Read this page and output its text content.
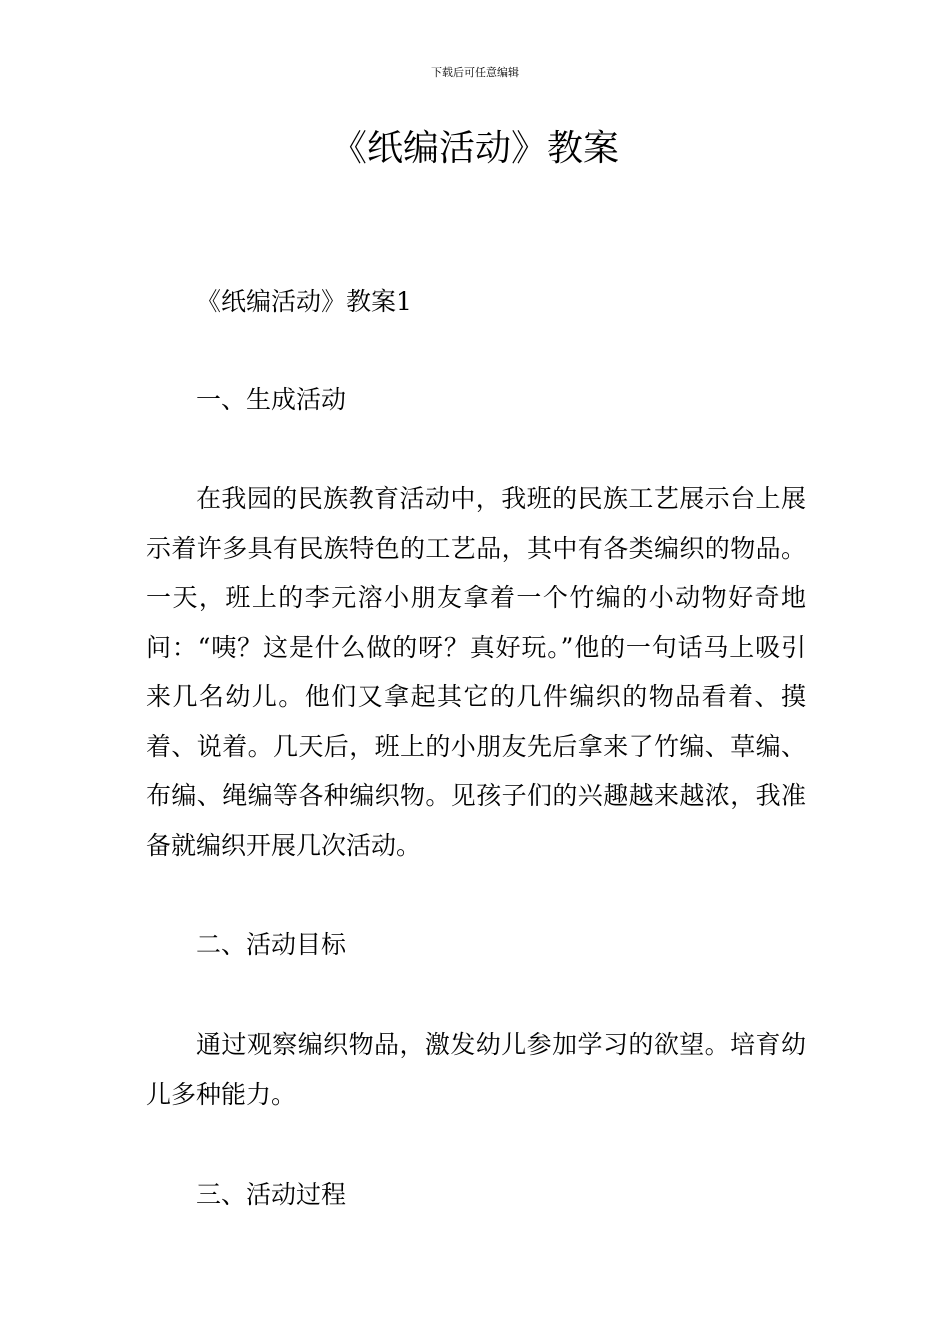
下载后可任意编辑
《纸编活动》教案

《纸编活动》教案1

一、生成活动

在我园的民族教育活动中，我班的民族工艺展示台上展示着许多具有民族特色的工艺品，其中有各类编织的物品。一天，班上的李元溶小朋友拿着一个竹编的小动物好奇地问：“咦？这是什么做的呀？真好玩。”他的一句话马上吸引来几名幼儿。他们又拿起其它的几件编织的物品看着、摸着、说着。几天后，班上的小朋友先后拿来了竹编、草编、布编、绳编等各种编织物。见孩子们的兴趣越来越浓，我准备就编织开展几次活动。

二、活动目标

通过观察编织物品，激发幼儿参加学习的欲望。培育幼儿多种能力。

三、活动过程
